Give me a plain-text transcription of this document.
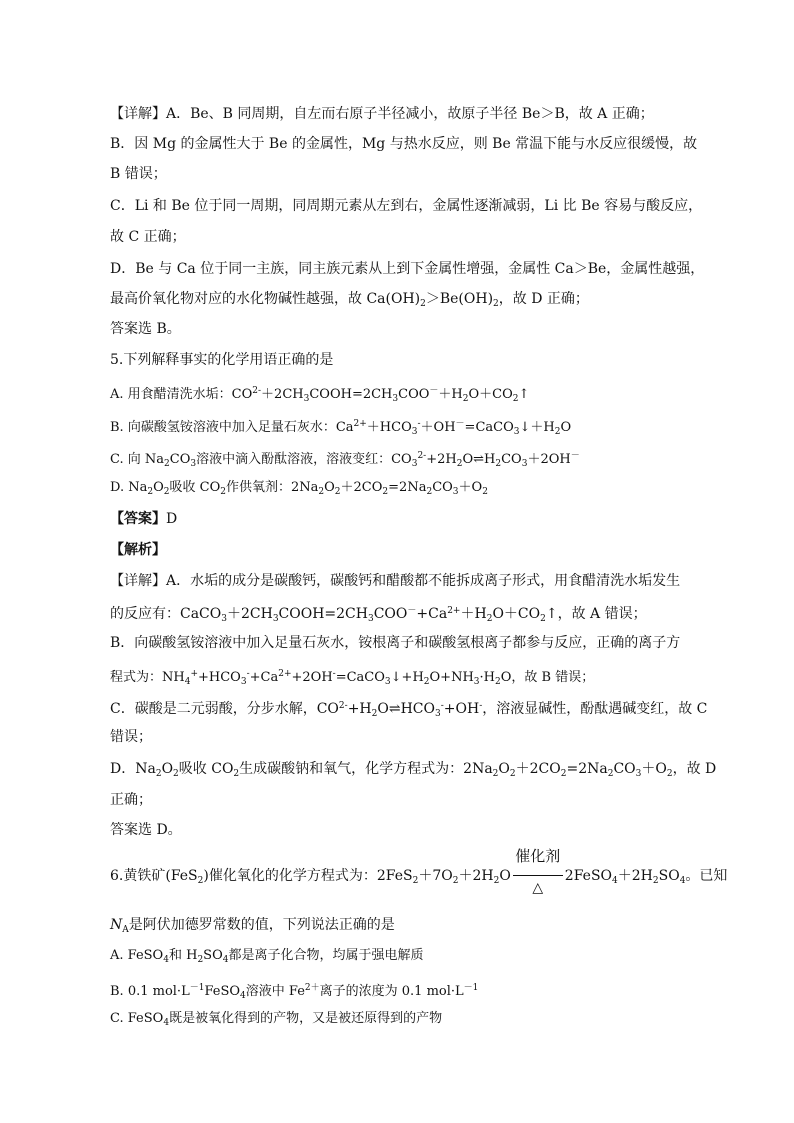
【详解】A．Be、B 同周期，自左而右原子半径减小，故原子半径 Be＞B，故 A 正确；
B．因 Mg 的金属性大于 Be 的金属性，Mg 与热水反应，则 Be 常温下能与水反应很缓慢，故
B 错误；
C．Li 和 Be 位于同一周期，同周期元素从左到右，金属性逐渐减弱，Li 比 Be 容易与酸反应，
故 C 正确；
D．Be 与 Ca 位于同一主族，同主族元素从上到下金属性增强，金属性 Ca＞Be，金属性越强，
最高价氧化物对应的水化物碱性越强，故 $Ca(OH)_2>Be(OH)_2$，故 D 正确；
答案选 B。
5.下列解释事实的化学用语正确的是
A. 用食醋清洗水垢：$CO^{2-}+2CH_3COOH=2CH_3COO^-+H_2O+CO_2↑$
B. 向碳酸氢铵溶液中加入足量石灰水：$Ca^{2+}+HCO_3^-+OH^-=CaCO_3↓+H_2O$
C. 向 $Na_2CO_3$溶液中滴入酚酞溶液，溶液变红：$CO_3^{2-}+2H_2O\rightleftharpoons H_2CO_3+2OH^-$
D. $Na_2O_2$吸收 $CO_2$作供氧剂：$2Na_2O_2+2CO_2=2Na_2CO_3+O_2$
【答案】D
【解析】
【详解】A．水垢的成分是碳酸钙，碳酸钙和醋酸都不能拆成离子形式，用食醋清洗水垢发生
的反应有：$CaCO_3+2CH_3COOH=2CH_3COO^-+Ca^{2+}+H_2O+CO_2↑$，故 A 错误；
B．向碳酸氢铵溶液中加入足量石灰水，铵根离子和碳酸氢根离子都参与反应，正确的离子方
程式为：$NH_4^++HCO_3^-+Ca^{2+}+2OH^-=CaCO_3↓+H_2O+NH_3\cdot H_2O$，故 B 错误；
C．碳酸是二元弱酸，分步水解，$CO^{2-}+H_2O\rightleftharpoons HCO_3^-+OH^-$，溶液显碱性，酚酞遇碱变红，故 C
错误；
D．$Na_2O_2$吸收 $CO_2$生成碳酸钠和氧气，化学方程式为：$2Na_2O_2+2CO_2=2Na_2CO_3+O_2$，故 D
正确；
答案选 D。
6.黄铁矿(FeS$_2$)催化氧化的化学方程式为：$2FeS_2+7O_2+2H_2O \frac{\text{催化剂}}{\triangle}$ $2FeSO_4+2H_2SO_4$。已知
$N_A$是阿伏加德罗常数的值，下列说法正确的是
A. FeSO$_4$和 $H_2SO_4$都是离子化合物，均属于强电解质
B. 0.1 $mol\cdot L^{-1}FeSO_4$溶液中 $Fe^{2+}$离子的浓度为 0.1 $mol\cdot L^{-1}$
C. FeSO$_4$既是被氧化得到的产物，又是被还原得到的产物
